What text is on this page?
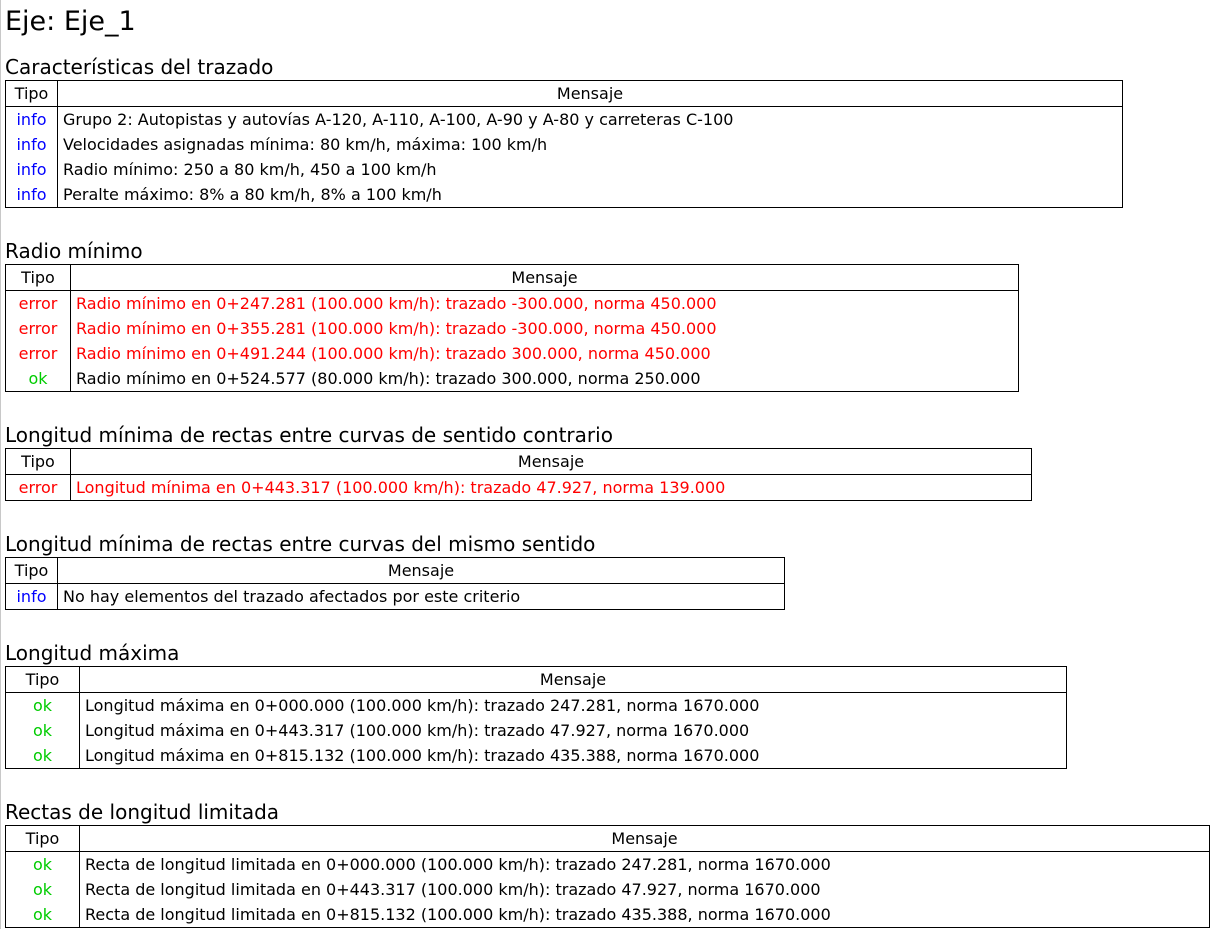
Eje: Eje_1
Características del trazado
Tipo	Mensaje
info	Grupo 2: Autopistas y autovías A-120, A-110, A-100, A-90 y A-80 y carreteras C-100
info	Velocidades asignadas mínima: 80 km/h, máxima: 100 km/h
info	Radio mínimo: 250 a 80 km/h, 450 a 100 km/h
info	Peralte máximo: 8% a 80 km/h, 8% a 100 km/h
Radio mínimo
Tipo	Mensaje
error	Radio mínimo en 0+247.281 (100.000 km/h): trazado -300.000, norma 450.000
error	Radio mínimo en 0+355.281 (100.000 km/h): trazado -300.000, norma 450.000
error	Radio mínimo en 0+491.244 (100.000 km/h): trazado 300.000, norma 450.000
ok	Radio mínimo en 0+524.577 (80.000 km/h): trazado 300.000, norma 250.000
Longitud mínima de rectas entre curvas de sentido contrario
Tipo	Mensaje
error	Longitud mínima en 0+443.317 (100.000 km/h): trazado 47.927, norma 139.000
Longitud mínima de rectas entre curvas del mismo sentido
Tipo	Mensaje
info	No hay elementos del trazado afectados por este criterio
Longitud máxima
Tipo	Mensaje
ok	Longitud máxima en 0+000.000 (100.000 km/h): trazado 247.281, norma 1670.000
ok	Longitud máxima en 0+443.317 (100.000 km/h): trazado 47.927, norma 1670.000
ok	Longitud máxima en 0+815.132 (100.000 km/h): trazado 435.388, norma 1670.000
Rectas de longitud limitada
Tipo	Mensaje
ok	Recta de longitud limitada en 0+000.000 (100.000 km/h): trazado 247.281, norma 1670.000
ok	Recta de longitud limitada en 0+443.317 (100.000 km/h): trazado 47.927, norma 1670.000
ok	Recta de longitud limitada en 0+815.132 (100.000 km/h): trazado 435.388, norma 1670.000
